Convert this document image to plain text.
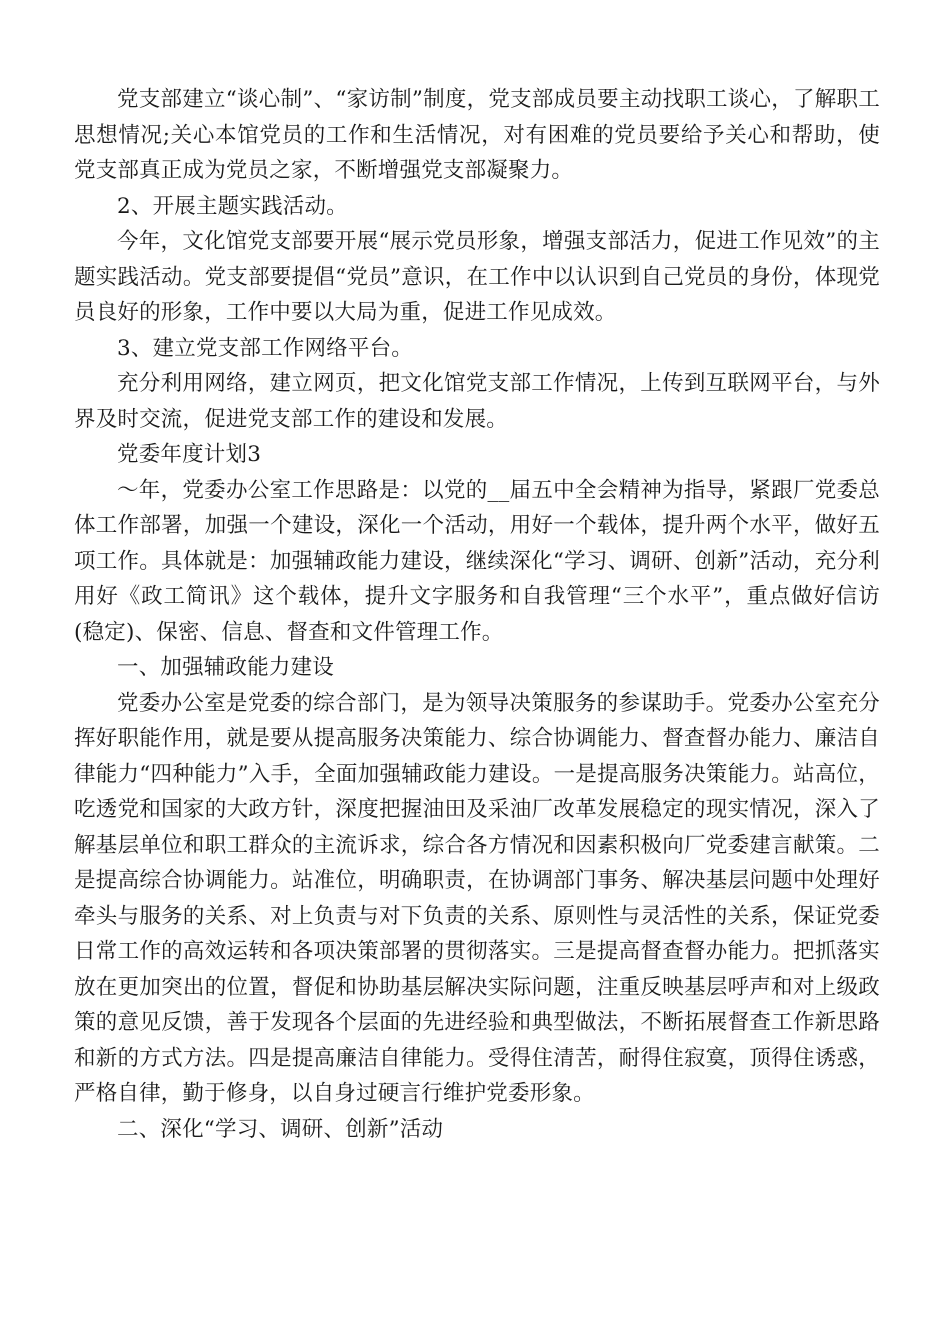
党支部建立“谈心制”、“家访制”制度，党支部成员要主动找职工谈心，了解职工思想情况;关心本馆党员的工作和生活情况，对有困难的党员要给予关心和帮助，使党支部真正成为党员之家，不断增强党支部凝聚力。

2、开展主题实践活动。

今年，文化馆党支部要开展“展示党员形象，增强支部活力，促进工作见效”的主题实践活动。党支部要提倡“党员”意识，在工作中以认识到自己党员的身份，体现党员良好的形象，工作中要以大局为重，促进工作见成效。

3、建立党支部工作网络平台。

充分利用网络，建立网页，把文化馆党支部工作情况，上传到互联网平台，与外界及时交流，促进党支部工作的建设和发展。

党委年度计划3

～年，党委办公室工作思路是：以党的__届五中全会精神为指导，紧跟厂党委总体工作部署，加强一个建设，深化一个活动，用好一个载体，提升两个水平，做好五项工作。具体就是：加强辅政能力建设，继续深化“学习、调研、创新”活动，充分利用好《政工简讯》这个载体，提升文字服务和自我管理“三个水平”，重点做好信访(稳定)、保密、信息、督查和文件管理工作。

一、加强辅政能力建设

党委办公室是党委的综合部门，是为领导决策服务的参谋助手。党委办公室充分挥好职能作用，就是要从提高服务决策能力、综合协调能力、督查督办能力、廉洁自律能力“四种能力”入手，全面加强辅政能力建设。一是提高服务决策能力。站高位，吃透党和国家的大政方针，深度把握油田及采油厂改革发展稳定的现实情况，深入了解基层单位和职工群众的主流诉求，综合各方情况和因素积极向厂党委建言献策。二是提高综合协调能力。站准位，明确职责，在协调部门事务、解决基层问题中处理好牵头与服务的关系、对上负责与对下负责的关系、原则性与灵活性的关系，保证党委日常工作的高效运转和各项决策部署的贯彻落实。三是提高督查督办能力。把抓落实放在更加突出的位置，督促和协助基层解决实际问题，注重反映基层呼声和对上级政策的意见反馈，善于发现各个层面的先进经验和典型做法，不断拓展督查工作新思路和新的方式方法。四是提高廉洁自律能力。受得住清苦，耐得住寂寞，顶得住诱惑，严格自律，勤于修身，以自身过硬言行维护党委形象。

二、深化“学习、调研、创新”活动
